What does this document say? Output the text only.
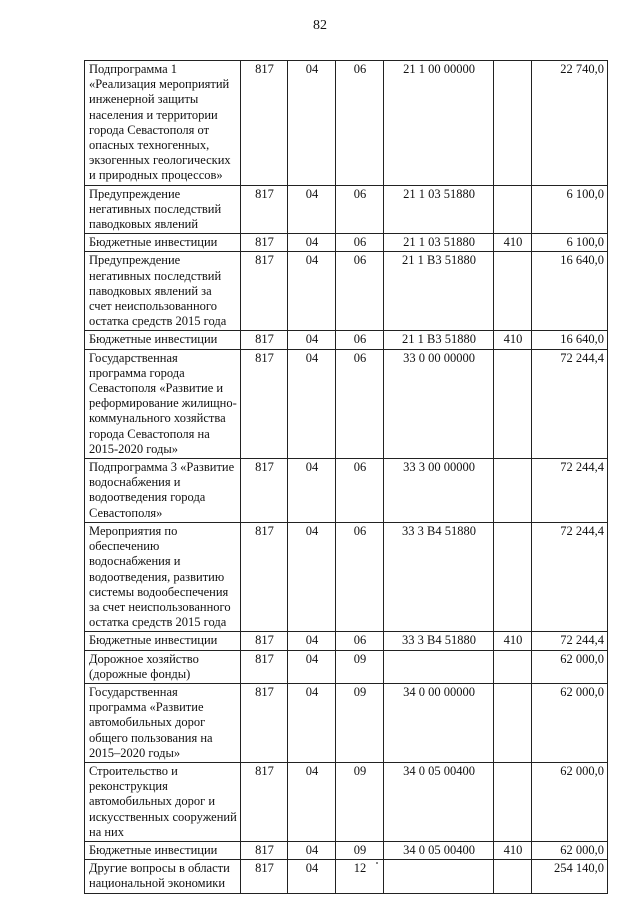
82
Подпрограмма 1 «Реализация мероприятий инженерной защиты населения и территории города Севастополя от опасных техногенных, экзогенных геологических и природных процессов»	817	04	06	21 1 00 00000		22 740,0
Предупреждение негативных последствий паводковых явлений	817	04	06	21 1 03 51880		6 100,0
Бюджетные инвестиции	817	04	06	21 1 03 51880	410	6 100,0
Предупреждение негативных последствий паводковых явлений за счет неиспользованного остатка средств 2015 года	817	04	06	21 1 В3 51880		16 640,0
Бюджетные инвестиции	817	04	06	21 1 В3 51880	410	16 640,0
Государственная программа города Севастополя «Развитие и реформирование жилищно-коммунального хозяйства города Севастополя на 2015-2020 годы»	817	04	06	33 0 00 00000		72 244,4
Подпрограмма 3 «Развитие водоснабжения и водоотведения города Севастополя»	817	04	06	33 3 00 00000		72 244,4
Мероприятия по обеспечению водоснабжения и водоотведения, развитию системы водообеспечения за счет неиспользованного остатка средств 2015 года	817	04	06	33 3 В4 51880		72 244,4
Бюджетные инвестиции	817	04	06	33 3 В4 51880	410	72 244,4
Дорожное хозяйство (дорожные фонды)	817	04	09			62 000,0
Государственная программа «Развитие автомобильных дорог общего пользования на 2015–2020 годы»	817	04	09	34 0 00 00000		62 000,0
Строительство и реконструкция автомобильных дорог и искусственных сооружений на них	817	04	09	34 0 05 00400		62 000,0
Бюджетные инвестиции	817	04	09	34 0 05 00400	410	62 000,0
Другие вопросы в области национальной экономики	817	04	12			254 140,0
